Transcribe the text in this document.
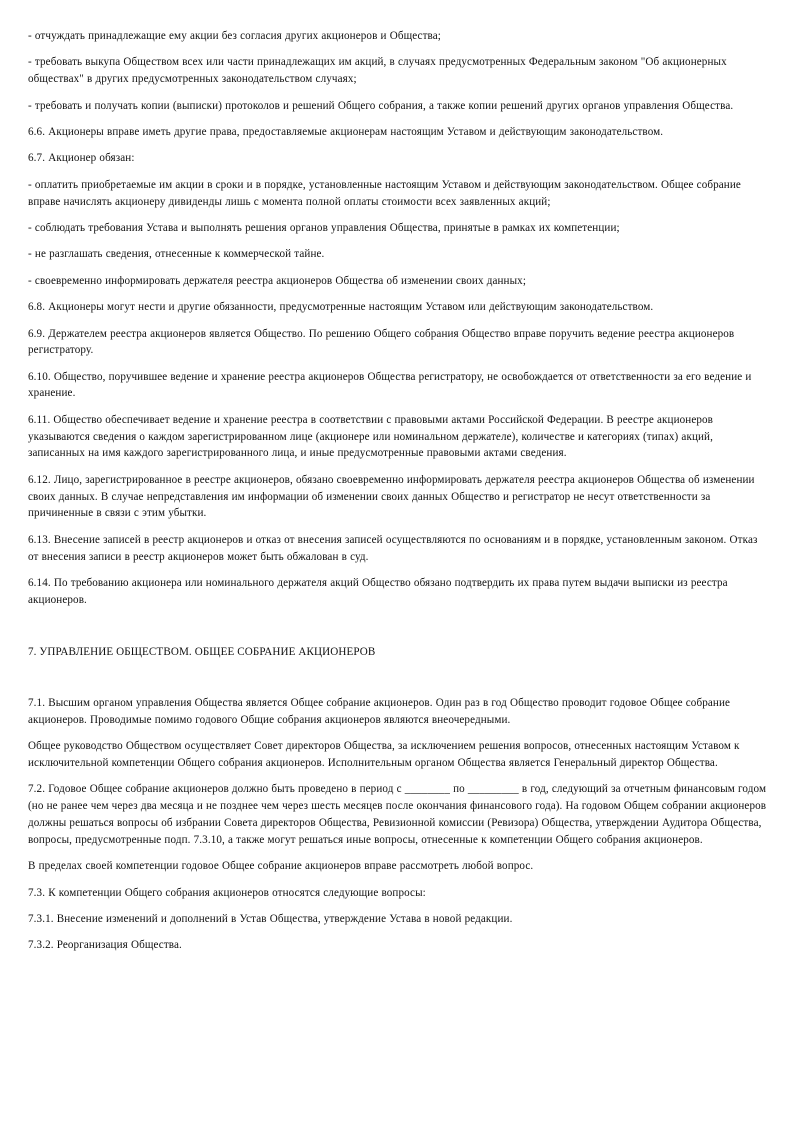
- отчуждать принадлежащие ему акции без согласия других акционеров и Общества;

- требовать выкупа Обществом всех или части принадлежащих им акций, в случаях предусмотренных Федеральным законом "Об акционерных обществах" в других предусмотренных законодательством случаях;

- требовать и получать копии (выписки) протоколов и решений Общего собрания, а также копии решений других органов управления Общества.

6.6. Акционеры вправе иметь другие права, предоставляемые акционерам настоящим Уставом и действующим законодательством.

6.7. Акционер обязан:

- оплатить приобретаемые им акции в сроки и в порядке, установленные настоящим Уставом и действующим законодательством. Общее собрание вправе начислять акционеру дивиденды лишь с момента полной оплаты стоимости всех заявленных акций;

- соблюдать требования Устава и выполнять решения органов управления Общества, принятые в рамках их компетенции;

- не разглашать сведения, отнесенные к коммерческой тайне.

- своевременно информировать держателя реестра акционеров Общества об изменении своих данных;

6.8. Акционеры могут нести и другие обязанности, предусмотренные настоящим Уставом или действующим законодательством.

6.9. Держателем реестра акционеров является Общество. По решению Общего собрания Общество вправе поручить ведение реестра акционеров регистратору.

6.10. Общество, поручившее ведение и хранение реестра акционеров Общества регистратору, не освобождается от ответственности за его ведение и хранение.

6.11. Общество обеспечивает ведение и хранение реестра в соответствии с правовыми актами Российской Федерации. В реестре акционеров указываются сведения о каждом зарегистрированном лице (акционере или номинальном держателе), количестве и категориях (типах) акций, записанных на имя каждого зарегистрированного лица, и иные предусмотренные правовыми актами сведения.

6.12. Лицо, зарегистрированное в реестре акционеров, обязано своевременно информировать держателя реестра акционеров Общества об изменении своих данных. В случае непредставления им информации об изменении своих данных Общество и регистратор не несут ответственности за причиненные в связи с этим убытки.

6.13. Внесение записей в реестр акционеров и отказ от внесения записей осуществляются по основаниям и в порядке, установленным законом. Отказ от внесения записи в реестр акционеров может быть обжалован в суд.

6.14. По требованию акционера или номинального держателя акций Общество обязано подтвердить их права путем выдачи выписки из реестра акционеров.

7. УПРАВЛЕНИЕ ОБЩЕСТВОМ. ОБЩЕЕ СОБРАНИЕ АКЦИОНЕРОВ

7.1. Высшим органом управления Общества является Общее собрание акционеров. Один раз в год Общество проводит годовое Общее собрание акционеров. Проводимые помимо годового Общие собрания акционеров являются внеочередными.

Общее руководство Обществом осуществляет Совет директоров Общества, за исключением решения вопросов, отнесенных настоящим Уставом к исключительной компетенции Общего собрания акционеров. Исполнительным органом Общества является Генеральный директор Общества.

7.2. Годовое Общее собрание акционеров должно быть проведено в период с ________ по _________ в год, следующий за отчетным финансовым годом (но не ранее чем через два месяца и не позднее чем через шесть месяцев после окончания финансового года). На годовом Общем собрании акционеров должны решаться вопросы об избрании Совета директоров Общества, Ревизионной комиссии (Ревизора) Общества, утверждении Аудитора Общества, вопросы, предусмотренные подп. 7.3.10, а также могут решаться иные вопросы, отнесенные к компетенции Общего собрания акционеров.

В пределах своей компетенции годовое Общее собрание акционеров вправе рассмотреть любой вопрос.

7.3. К компетенции Общего собрания акционеров относятся следующие вопросы:

7.3.1. Внесение изменений и дополнений в Устав Общества, утверждение Устава в новой редакции.

7.3.2. Реорганизация Общества.
